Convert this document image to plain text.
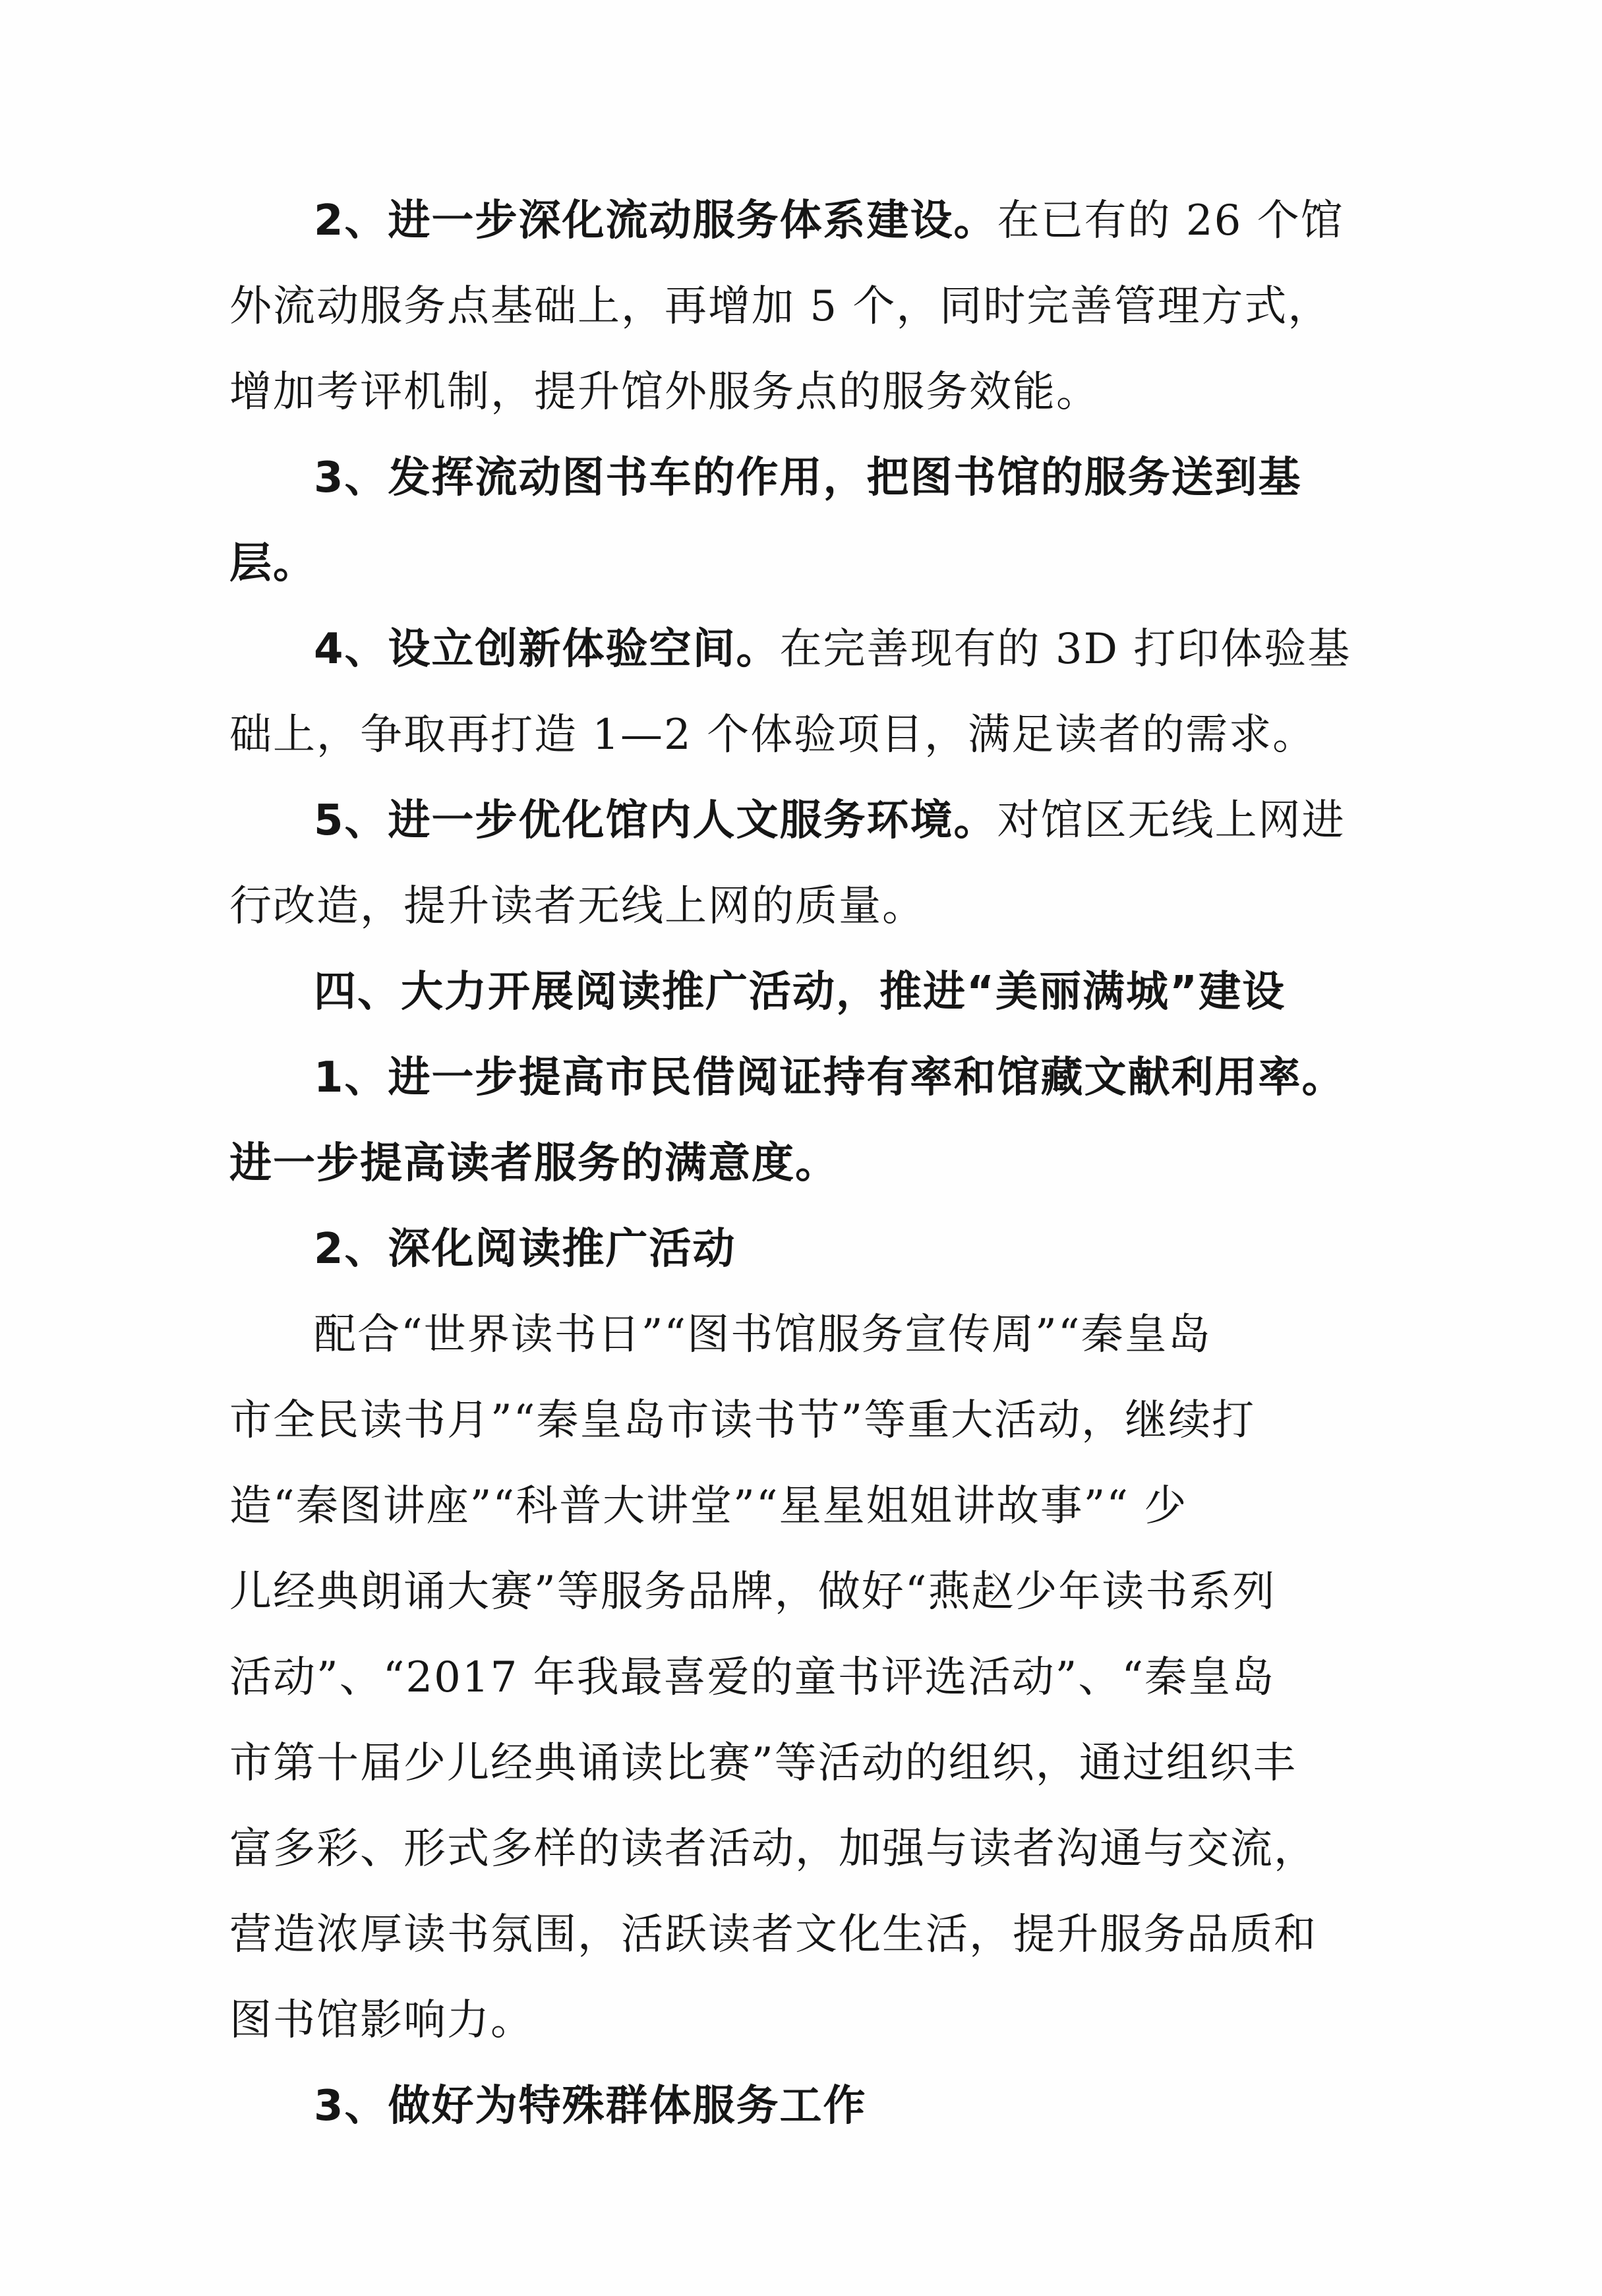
2、进一步深化流动服务体系建设。在已有的 26 个馆
外流动服务点基础上，再增加 5 个，同时完善管理方式，
增加考评机制，提升馆外服务点的服务效能。
3、发挥流动图书车的作用，把图书馆的服务送到基层。
4、设立创新体验空间。在完善现有的 3D 打印体验基
础上，争取再打造 1—2 个体验项目，满足读者的需求。
5、进一步优化馆内人文服务环境。对馆区无线上网进
行改造，提升读者无线上网的质量。
四、大力开展阅读推广活动，推进“美丽满城”建设
1、进一步提高市民借阅证持有率和馆藏文献利用率。
进一步提高读者服务的满意度。
2、深化阅读推广活动
配合“世界读书日”“图书馆服务宣传周”“秦皇岛
市全民读书月”“秦皇岛市读书节”等重大活动，继续打
造“秦图讲座”“科普大讲堂”“星星姐姐讲故事”“ 少
儿经典朗诵大赛”等服务品牌，做好“燕赵少年读书系列
活动”、“2017 年我最喜爱的童书评选活动”、“秦皇岛
市第十届少儿经典诵读比赛”等活动的组织，通过组织丰
富多彩、形式多样的读者活动，加强与读者沟通与交流，
营造浓厚读书氛围，活跃读者文化生活，提升服务品质和
图书馆影响力。
3、做好为特殊群体服务工作
